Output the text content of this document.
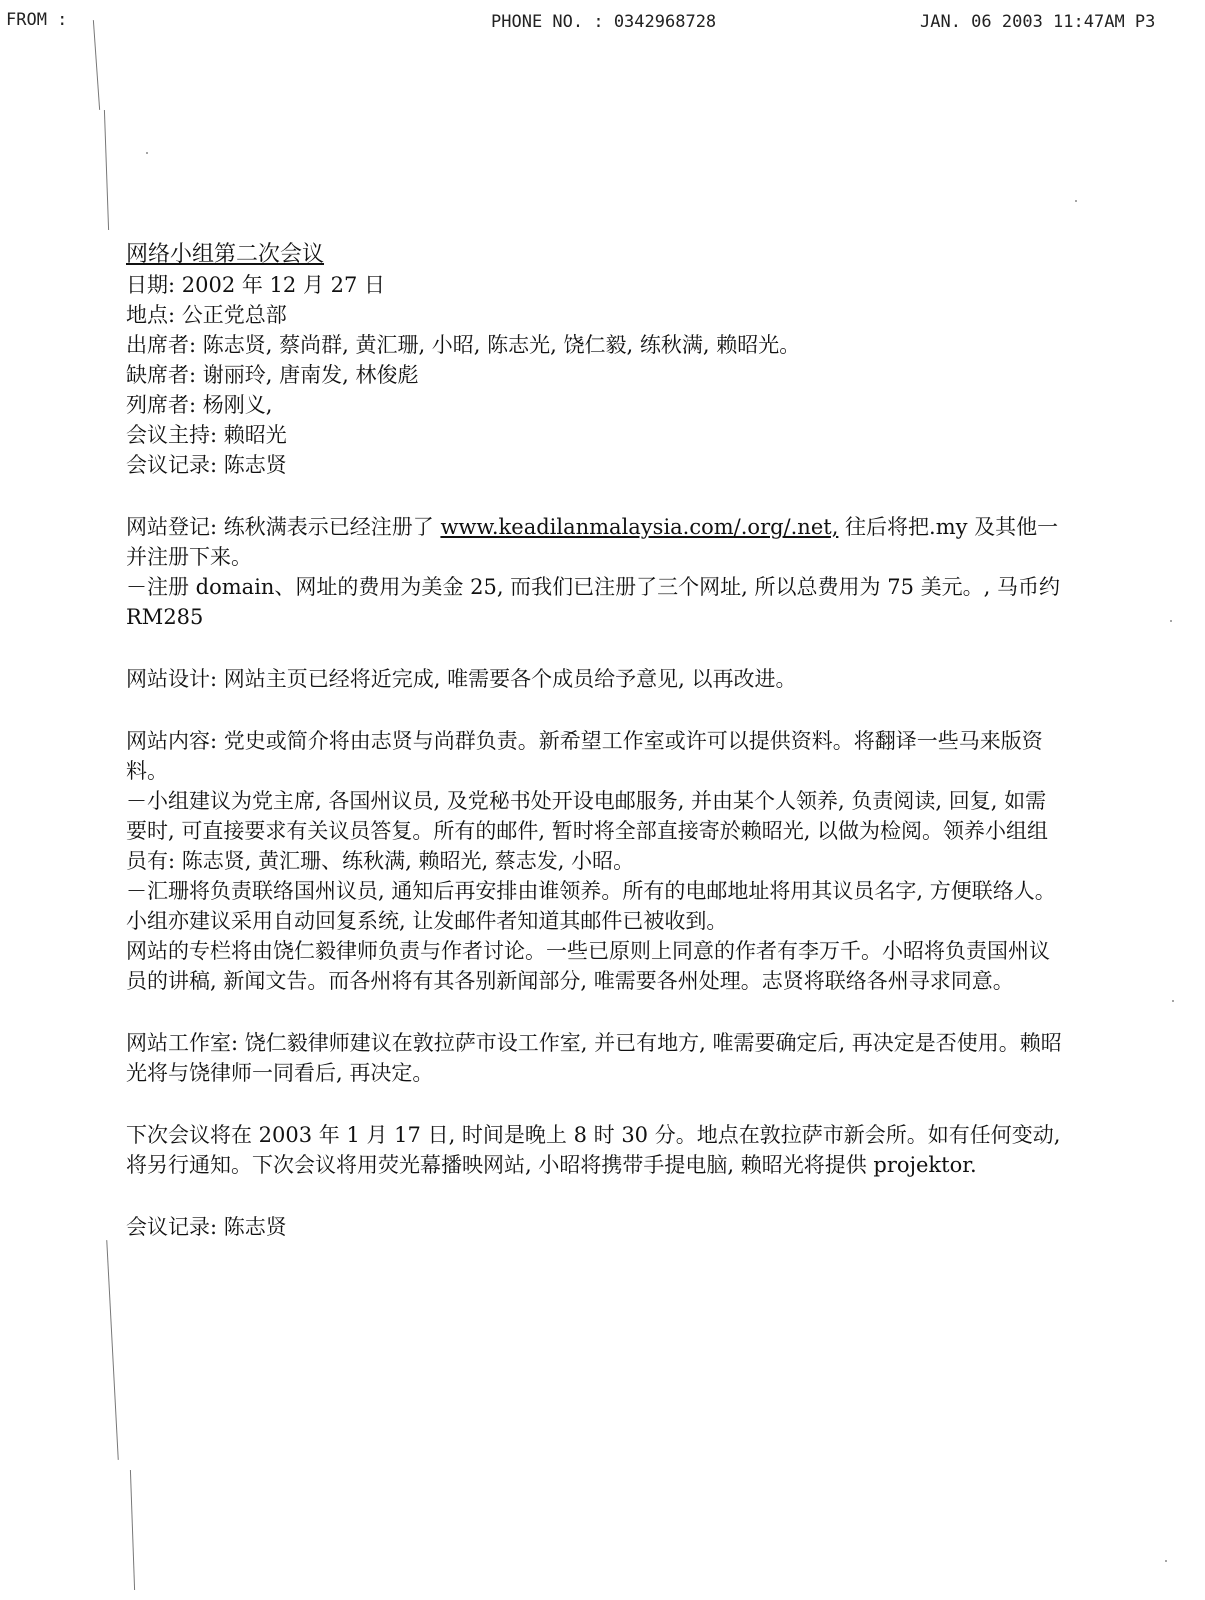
FROM :	PHONE NO. : 0342968728	JAN. 06 2003 11:47AM P3

网络小组第二次会议

日期: 2002 年 12 月 27 日

地点: 公正党总部

出席者: 陈志贤, 蔡尚群, 黄汇珊, 小昭, 陈志光, 饶仁毅, 练秋满, 赖昭光。

缺席者: 谢丽玲, 唐南发, 林俊彪

列席者: 杨刚义,

会议主持: 赖昭光

会议记录: 陈志贤

网站登记: 练秋满表示已经注册了 www.keadilanmalaysia.com/.org/.net, 往后将把.my 及其他一并注册下来。

－注册 domain、网址的费用为美金 25, 而我们已注册了三个网址, 所以总费用为 75 美元。, 马币约 RM285

网站设计: 网站主页已经将近完成, 唯需要各个成员给予意见, 以再改进。

网站内容: 党史或简介将由志贤与尚群负责。新希望工作室或许可以提供资料。将翻译一些马来版资料。

－小组建议为党主席, 各国州议员, 及党秘书处开设电邮服务, 并由某个人领养, 负责阅读, 回复, 如需要时, 可直接要求有关议员答复。所有的邮件, 暂时将全部直接寄於赖昭光, 以做为检阅。领养小组组员有: 陈志贤, 黄汇珊、练秋满, 赖昭光, 蔡志发, 小昭。

－汇珊将负责联络国州议员, 通知后再安排由谁领养。所有的电邮地址将用其议员名字, 方便联络人。小组亦建议采用自动回复系统, 让发邮件者知道其邮件已被收到。

网站的专栏将由饶仁毅律师负责与作者讨论。一些已原则上同意的作者有李万千。小昭将负责国州议员的讲稿, 新闻文告。而各州将有其各别新闻部分, 唯需要各州处理。志贤将联络各州寻求同意。

网站工作室: 饶仁毅律师建议在敦拉萨市设工作室, 并已有地方, 唯需要确定后, 再决定是否使用。赖昭光将与饶律师一同看后, 再决定。

下次会议将在 2003 年 1 月 17 日, 时间是晚上 8 时 30 分。地点在敦拉萨市新会所。如有任何变动, 将另行通知。下次会议将用荧光幕播映网站, 小昭将携带手提电脑, 赖昭光将提供 projektor.

会议记录: 陈志贤
